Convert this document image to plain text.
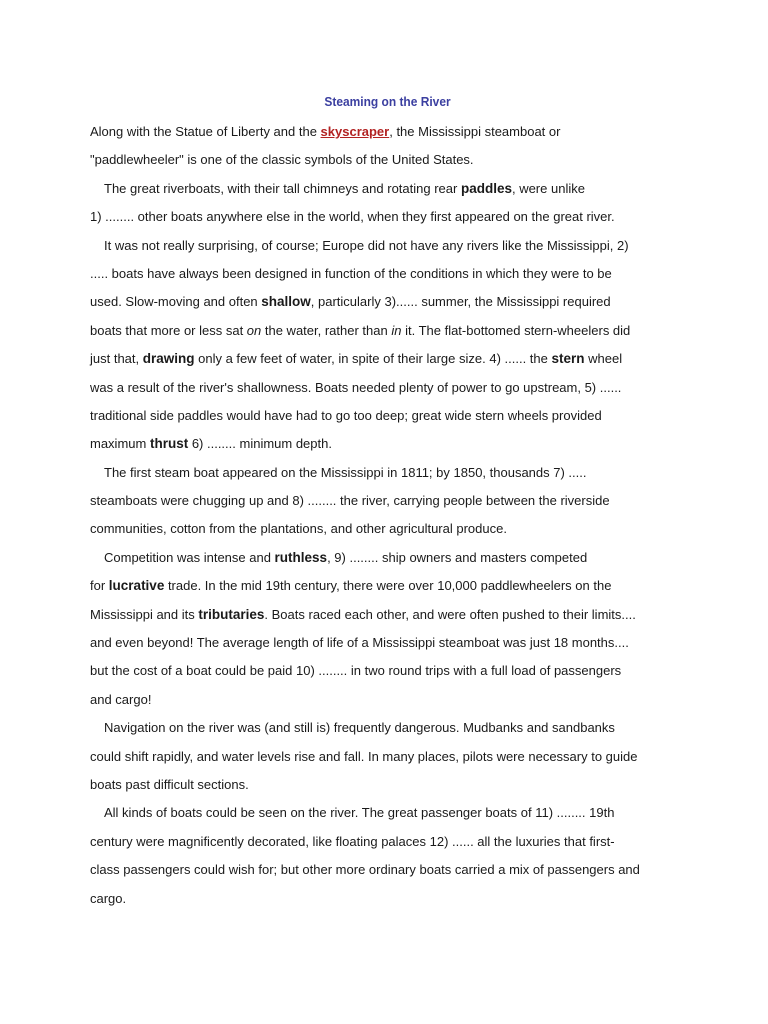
Steaming on the River

Along with the Statue of Liberty and the skyscraper, the Mississippi steamboat or
"paddlewheeler" is one of the classic symbols of the United States.

The great riverboats, with their tall chimneys and rotating rear paddles, were unlike
1) ........ other boats anywhere else in the world, when they first appeared on the great river.

It was not really surprising, of course; Europe did not have any rivers like the Mississippi, 2)
..... boats have always been designed in function of the conditions in which they were to be
used. Slow-moving and often shallow, particularly 3)...... summer, the Mississippi required
boats that more or less sat on the water, rather than in it. The flat-bottomed stern-wheelers did
just that, drawing only a few feet of water, in spite of their large size. 4) ...... the stern wheel
was a result of the river's shallowness. Boats needed plenty of power to go upstream, 5) ......
traditional side paddles would have had to go too deep; great wide stern wheels provided
maximum thrust 6) ........ minimum depth.

The first steam boat appeared on the Mississippi in 1811; by 1850, thousands 7) .....
steamboats were chugging up and 8) ........ the river, carrying people between the riverside
communities, cotton from the plantations, and other agricultural produce.

Competition was intense and ruthless, 9) ........ ship owners and masters competed
for lucrative trade. In the mid 19th century, there were over 10,000 paddlewheelers on the
Mississippi and its tributaries. Boats raced each other, and were often pushed to their limits....
and even beyond! The average length of life of a Mississippi steamboat was just 18 months....
but the cost of a boat could be paid 10) ........ in two round trips with a full load of passengers
and cargo!

Navigation on the river was (and still is) frequently dangerous. Mudbanks and sandbanks
could shift rapidly, and water levels rise and fall. In many places, pilots were necessary to guide
boats past difficult sections.

All kinds of boats could be seen on the river. The great passenger boats of 11) ........ 19th
century were magnificently decorated, like floating palaces 12) ...... all the luxuries that first-
class passengers could wish for; but other more ordinary boats carried a mix of passengers and
cargo.
